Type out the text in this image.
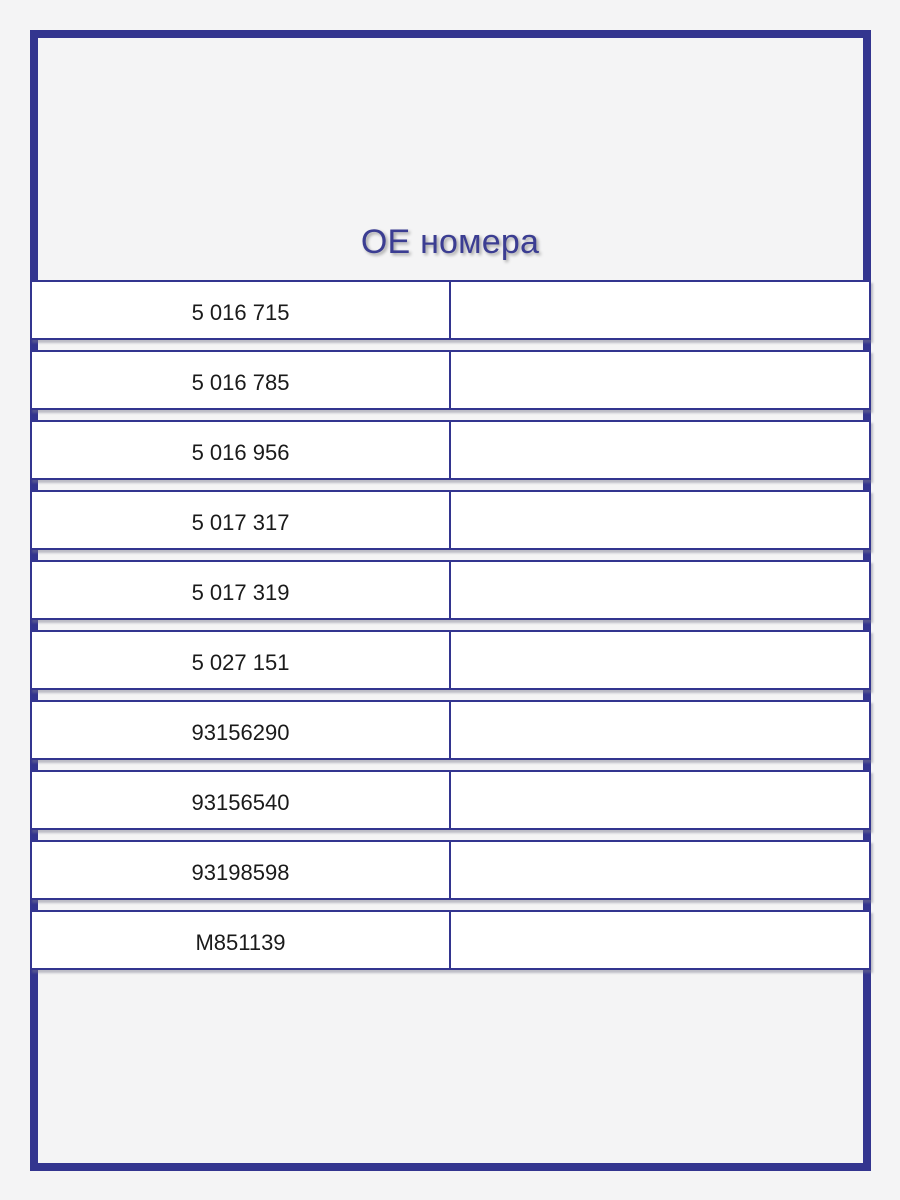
OE номера
5 016 715
5 016 785
5 016 956
5 017 317
5 017 319
5 027 151
93156290
93156540
93198598
M851139
